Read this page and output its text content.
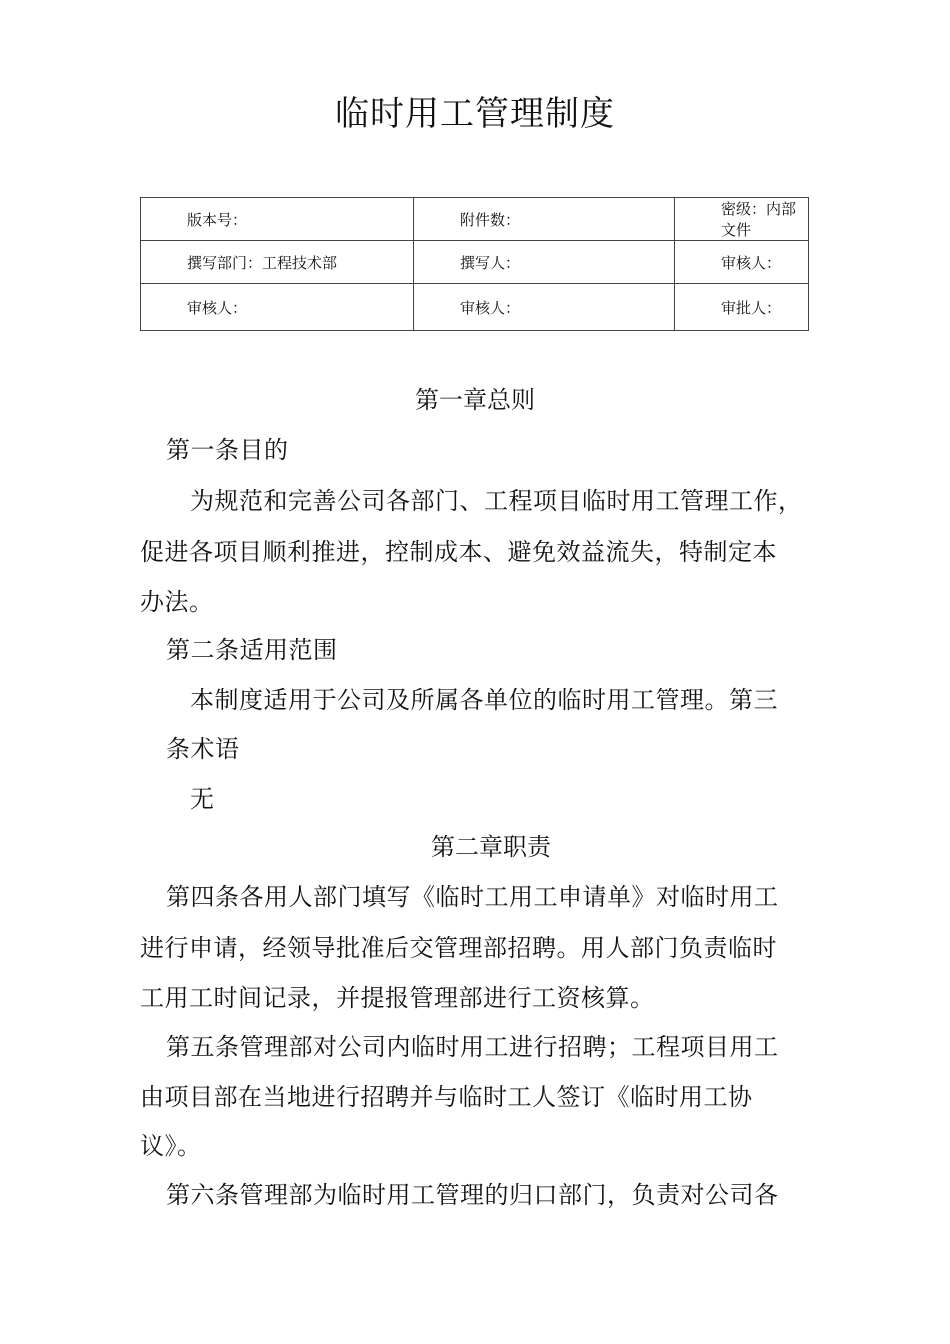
临时用工管理制度
版本号：	附件数：	密级：内部文件
撰写部门：工程技术部	撰写人：	审核人：
审核人：	审核人：	审批人：
第一章总则
第一条目的
为规范和完善公司各部门、工程项目临时用工管理工作，
促进各项目顺利推进，控制成本、避免效益流失，特制定本
办法。
第二条适用范围
本制度适用于公司及所属各单位的临时用工管理。第三
条术语
无
第二章职责
第四条各用人部门填写《临时工用工申请单》对临时用工
进行申请，经领导批准后交管理部招聘。用人部门负责临时
工用工时间记录，并提报管理部进行工资核算。
第五条管理部对公司内临时用工进行招聘；工程项目用工
由项目部在当地进行招聘并与临时工人签订《临时用工协
议》。
第六条管理部为临时用工管理的归口部门，负责对公司各
